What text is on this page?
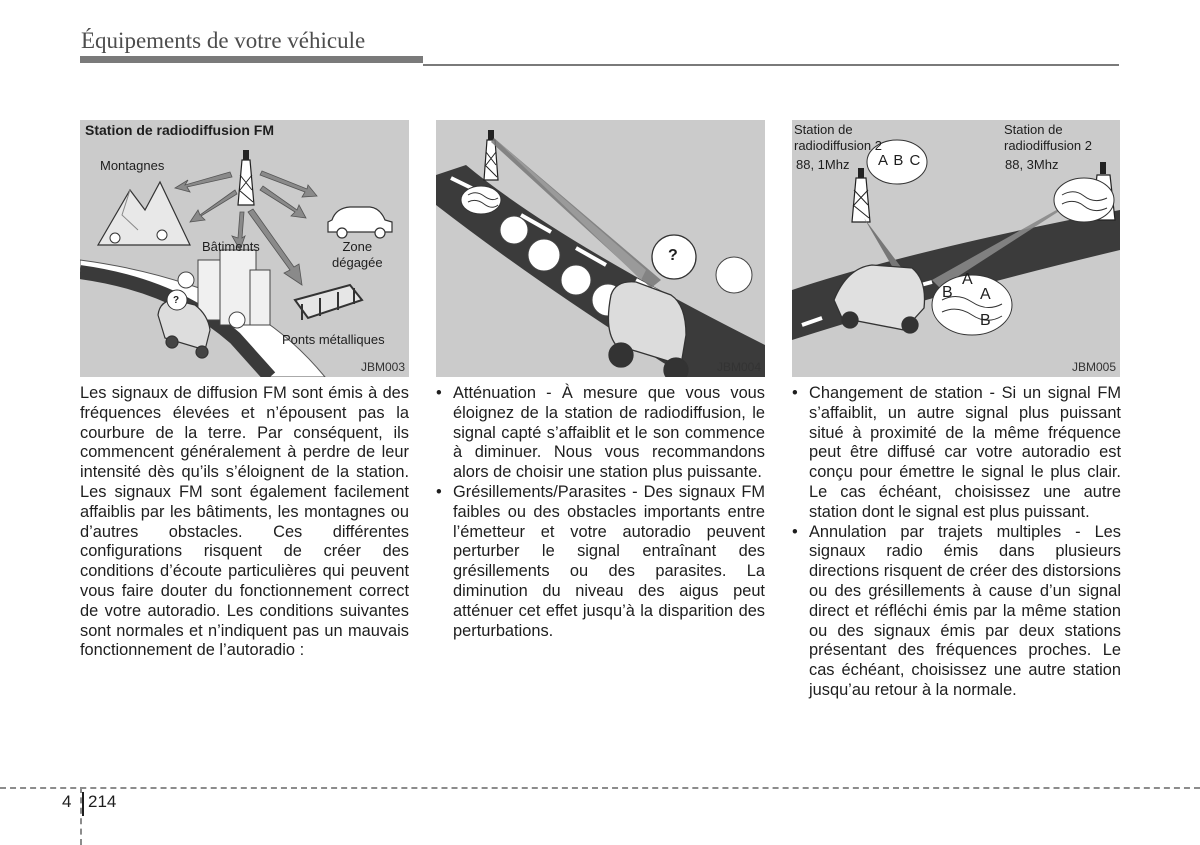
Équipements de votre véhicule
Station de radiodiffusion FM
Montagnes
Bâtiments	Zone
dégagée
Ponts métalliques
?
JBM003
?
JBM004
Station de
radiodiffusion 2
88, 1Mhz
Station de
radiodiffusion 2
88, 3Mhz
A B C
A
B A
B
JBM005
Les signaux de diffusion FM sont émis à des fréquences élevées et n’épousent pas la courbure de la terre. Par conséquent, ils commencent généralement à perdre de leur intensité dès qu’ils s’éloignent de la station. Les signaux FM sont également facilement affaiblis par les bâtiments, les montagnes ou d’autres obstacles. Ces différentes configurations risquent de créer des conditions d’écoute particulières qui peuvent vous faire douter du fonctionnement correct de votre autoradio. Les conditions suivantes sont normales et n’indiquent pas un mauvais fonctionnement de l’autoradio :
• Atténuation - À mesure que vous vous éloignez de la station de radiodiffusion, le signal capté s’affaiblit et le son commence à diminuer. Nous vous recommandons alors de choisir une station plus puissante.
• Grésillements/Parasites - Des signaux FM faibles ou des obstacles importants entre l’émetteur et votre autoradio peuvent perturber le signal entraînant des grésillements ou des parasites. La diminution du niveau des aigus peut atténuer cet effet jusqu’à la disparition des perturbations.
• Changement de station - Si un signal FM s’affaiblit, un autre signal plus puissant situé à proximité de la même fréquence peut être diffusé car votre autoradio est conçu pour émettre le signal le plus clair. Le cas échéant, choisissez une autre station dont le signal est plus puissant.
• Annulation par trajets multiples - Les signaux radio émis dans plusieurs directions risquent de créer des distorsions ou des grésillements à cause d’un signal direct et réfléchi émis par la même station ou des signaux émis par deux stations présentant des fréquences proches. Le cas échéant, choisissez une autre station jusqu’au retour à la normale.
4 214
